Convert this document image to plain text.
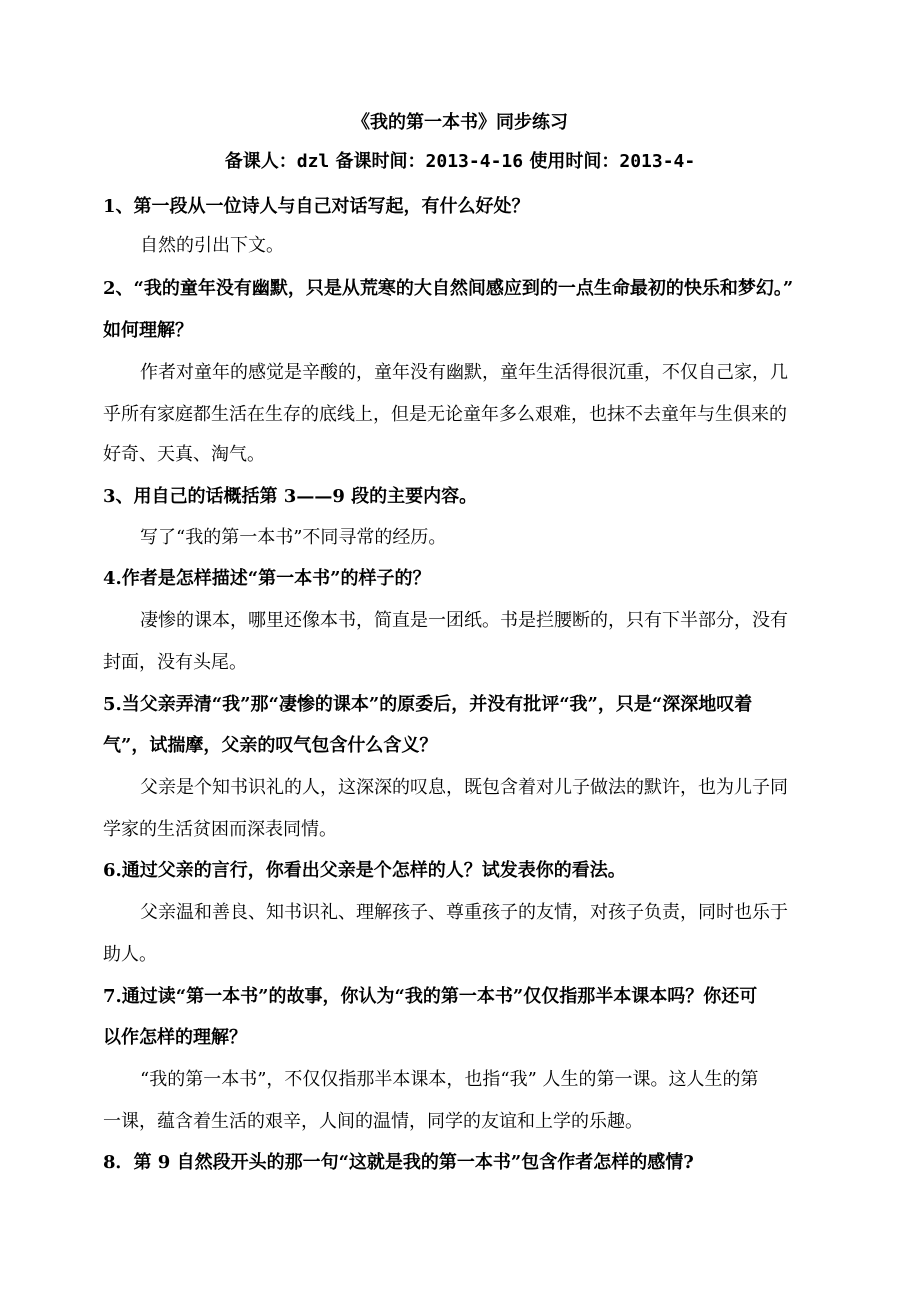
《我的第一本书》同步练习
备课人：dzl 备课时间：2013-4-16 使用时间：2013-4-
1、第一段从一位诗人与自己对话写起，有什么好处？
自然的引出下文。
2、“我的童年没有幽默，只是从荒寒的大自然间感应到的一点生命最初的快乐和梦幻。”
如何理解？
作者对童年的感觉是辛酸的，童年没有幽默，童年生活得很沉重，不仅自己家，几
乎所有家庭都生活在生存的底线上，但是无论童年多么艰难，也抹不去童年与生俱来的
好奇、天真、淘气。
3、用自己的话概括第 3——9 段的主要内容。
写了“我的第一本书”不同寻常的经历。
4.作者是怎样描述“第一本书”的样子的？
凄惨的课本，哪里还像本书，简直是一团纸。书是拦腰断的，只有下半部分，没有
封面，没有头尾。
5.当父亲弄清“我”那“凄惨的课本”的原委后，并没有批评“我”，只是“深深地叹着
气”，试揣摩，父亲的叹气包含什么含义？
父亲是个知书识礼的人，这深深的叹息，既包含着对儿子做法的默许，也为儿子同
学家的生活贫困而深表同情。
6.通过父亲的言行，你看出父亲是个怎样的人？试发表你的看法。
父亲温和善良、知书识礼、理解孩子、尊重孩子的友情，对孩子负责，同时也乐于
助人。
7.通过读“第一本书”的故事，你认为“我的第一本书”仅仅指那半本课本吗？你还可
以作怎样的理解？
“我的第一本书”，不仅仅指那半本课本，也指“我” 人生的第一课。这人生的第
一课，蕴含着生活的艰辛，人间的温情，同学的友谊和上学的乐趣。
8．第 9 自然段开头的那一句“这就是我的第一本书”包含作者怎样的感情?
